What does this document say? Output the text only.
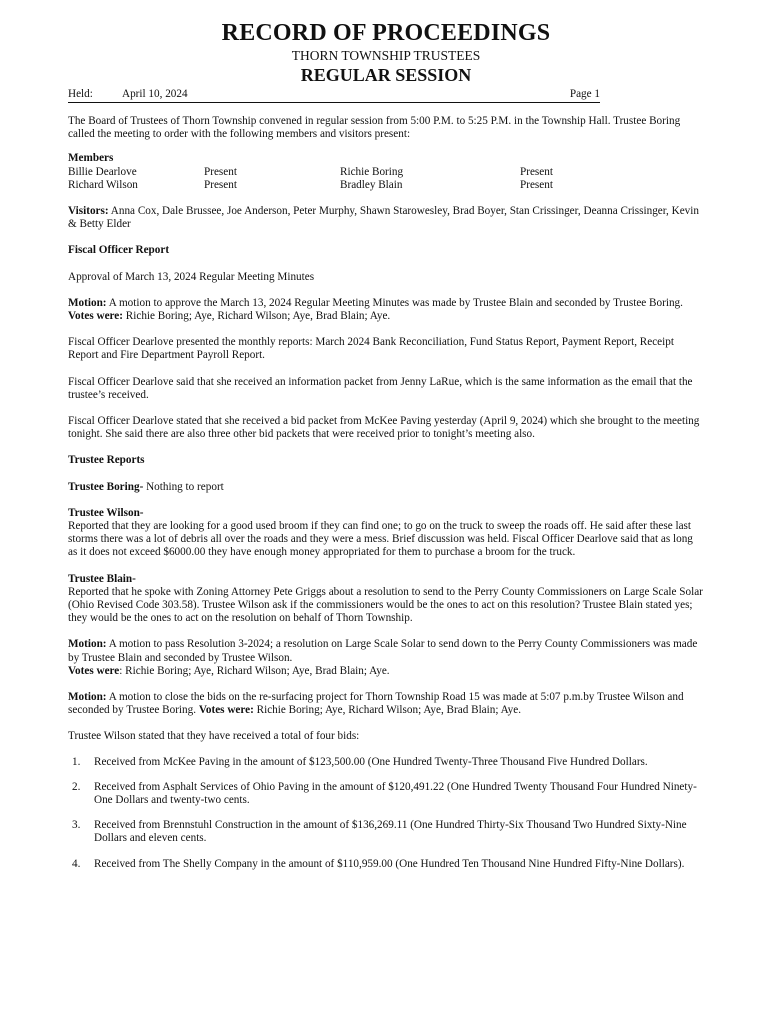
RECORD OF PROCEEDINGS
THORN TOWNSHIP TRUSTEES
REGULAR SESSION
Held:	April 10, 2024	Page 1

The Board of Trustees of Thorn Township convened in regular session from 5:00 P.M. to 5:25 P.M. in the Township Hall. Trustee Boring called the meeting to order with the following members and visitors present:

Members
Billie Dearlove	Present	Richie Boring	Present
Richard Wilson	Present	Bradley Blain	Present

Visitors: Anna Cox, Dale Brussee, Joe Anderson, Peter Murphy, Shawn Starowesley, Brad Boyer, Stan Crissinger, Deanna Crissinger, Kevin & Betty Elder

Fiscal Officer Report

Approval of March 13, 2024 Regular Meeting Minutes

Motion: A motion to approve the March 13, 2024 Regular Meeting Minutes was made by Trustee Blain and seconded by Trustee Boring. Votes were: Richie Boring; Aye, Richard Wilson; Aye, Brad Blain; Aye.

Fiscal Officer Dearlove presented the monthly reports: March 2024 Bank Reconciliation, Fund Status Report, Payment Report, Receipt Report and Fire Department Payroll Report.

Fiscal Officer Dearlove said that she received an information packet from Jenny LaRue, which is the same information as the email that the trustee’s received.

Fiscal Officer Dearlove stated that she received a bid packet from McKee Paving yesterday (April 9, 2024) which she brought to the meeting tonight. She said there are also three other bid packets that were received prior to tonight’s meeting also.

Trustee Reports

Trustee Boring- Nothing to report

Trustee Wilson-
Reported that they are looking for a good used broom if they can find one; to go on the truck to sweep the roads off. He said after these last storms there was a lot of debris all over the roads and they were a mess. Brief discussion was held. Fiscal Officer Dearlove said that as long as it does not exceed $6000.00 they have enough money appropriated for them to purchase a broom for the truck.
Trustee Blain-
Reported that he spoke with Zoning Attorney Pete Griggs about a resolution to send to the Perry County Commissioners on Large Scale Solar (Ohio Revised Code 303.58). Trustee Wilson ask if the commissioners would be the ones to act on this resolution? Trustee Blain stated yes; they would be the ones to act on the resolution on behalf of Thorn Township.

Motion: A motion to pass Resolution 3-2024; a resolution on Large Scale Solar to send down to the Perry County Commissioners was made by Trustee Blain and seconded by Trustee Wilson.
Votes were: Richie Boring; Aye, Richard Wilson; Aye, Brad Blain; Aye.

Motion: A motion to close the bids on the re-surfacing project for Thorn Township Road 15 was made at 5:07 p.m.by Trustee Wilson and seconded by Trustee Boring. Votes were: Richie Boring; Aye, Richard Wilson; Aye, Brad Blain; Aye.

Trustee Wilson stated that they have received a total of four bids:

1. Received from McKee Paving in the amount of $123,500.00 (One Hundred Twenty-Three Thousand Five Hundred Dollars.
2. Received from Asphalt Services of Ohio Paving in the amount of $120,491.22 (One Hundred Twenty Thousand Four Hundred Ninety-One Dollars and twenty-two cents.
3. Received from Brennstuhl Construction in the amount of $136,269.11 (One Hundred Thirty-Six Thousand Two Hundred Sixty-Nine Dollars and eleven cents.
4. Received from The Shelly Company in the amount of $110,959.00 (One Hundred Ten Thousand Nine Hundred Fifty-Nine Dollars).
